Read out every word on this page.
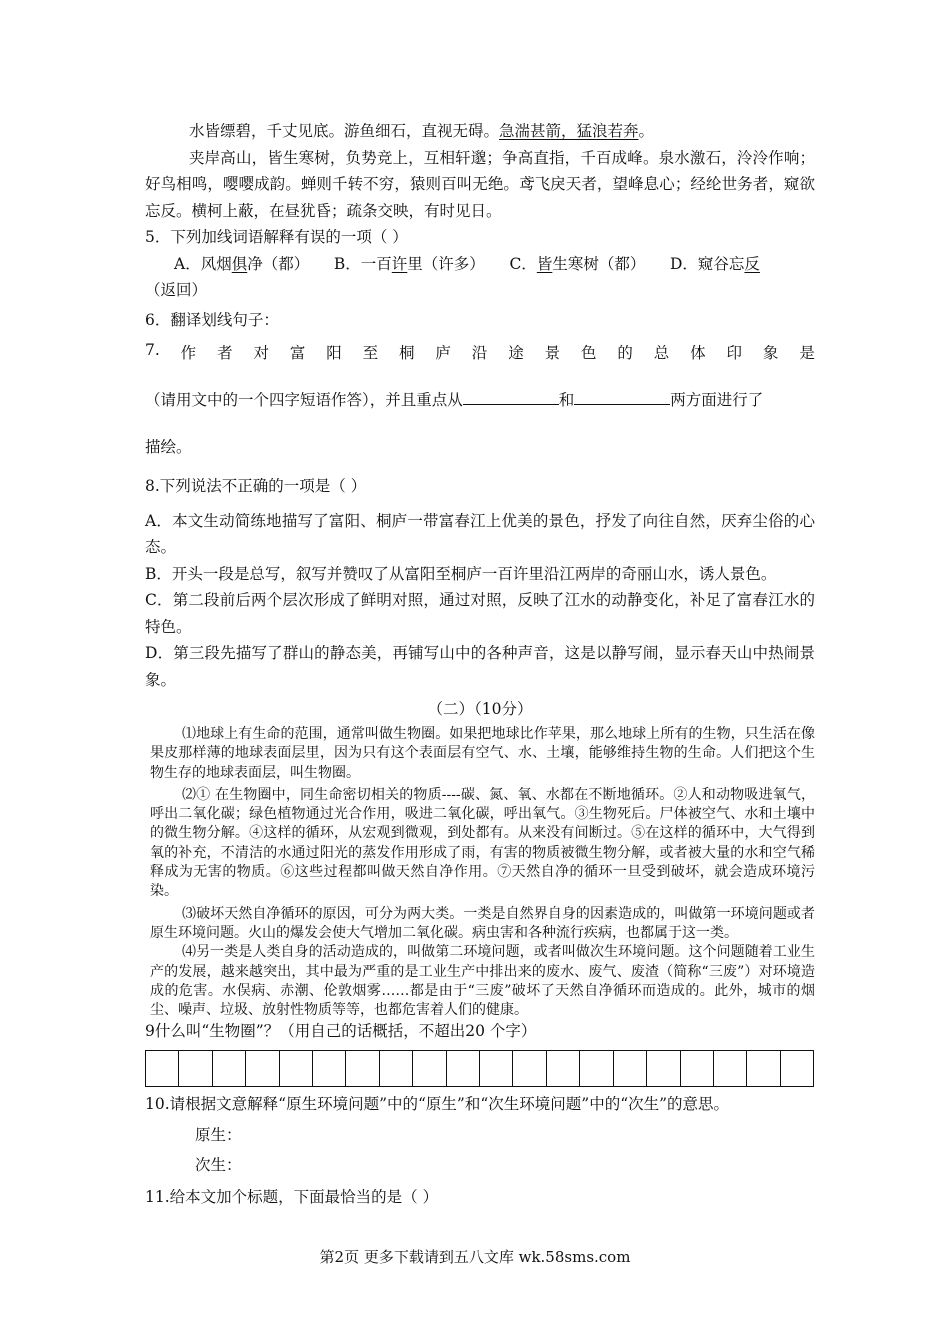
水皆缥碧，千丈见底。游鱼细石，直视无碍。急湍甚箭，猛浪若奔。

夹岸高山，皆生寒树，负势竞上，互相轩邈；争高直指，千百成峰。泉水激石，泠泠作响；好鸟相鸣，嘤嘤成韵。蝉则千转不穷，猿则百叫无绝。鸢飞戾天者，望峰息心；经纶世务者，窥欲忘反。横柯上蔽，在昼犹昏；疏条交映，有时见日。

5．下列加线词语解释有误的一项（ ）

A．风烟俱净（都） B．一百许里（许多） C．皆生寒树（都） D．窥谷忘反

（返回）

6．翻译划线句子：

7. 作 者 对 富 阳 至 桐 庐 沿 途 景 色 的 总 体 印 象 是

（请用文中的一个四字短语作答），并且重点从	和	两方面进行了

描绘。

8.下列说法不正确的一项是（ ）

A．本文生动简练地描写了富阳、桐庐一带富春江上优美的景色，抒发了向往自然，厌弃尘俗的心态。

B．开头一段是总写，叙写并赞叹了从富阳至桐庐一百许里沿江两岸的奇丽山水，诱人景色。

C．第二段前后两个层次形成了鲜明对照，通过对照，反映了江水的动静变化，补足了富春江水的特色。

D．第三段先描写了群山的静态美，再铺写山中的各种声音，这是以静写闹，显示春天山中热闹景象。

（二）（10分）

⑴地球上有生命的范围，通常叫做生物圈。如果把地球比作苹果，那么地球上所有的生物，只生活在像果皮那样薄的地球表面层里，因为只有这个表面层有空气、水、土壤，能够维持生物的生命。人们把这个生物生存的地球表面层，叫生物圈。

⑵① 在生物圈中，同生命密切相关的物质----碳、氮、氧、水都在不断地循环。②人和动物吸进氧气，呼出二氧化碳；绿色植物通过光合作用，吸进二氧化碳，呼出氧气。③生物死后。尸体被空气、水和土壤中的微生物分解。④这样的循环，从宏观到微观，到处都有。从来没有间断过。⑤在这样的循环中，大气得到氧的补充，不清洁的水通过阳光的蒸发作用形成了雨，有害的物质被微生物分解，或者被大量的水和空气稀释成为无害的物质。⑥这些过程都叫做天然自净作用。⑦天然自净的循环一旦受到破坏，就会造成环境污染。

⑶破坏天然自净循环的原因，可分为两大类。一类是自然界自身的因素造成的，叫做第一环境问题或者原生环境问题。火山的爆发会使大气增加二氧化碳。病虫害和各种流行疾病，也都属于这一类。

⑷另一类是人类自身的活动造成的，叫做第二环境问题，或者叫做次生环境问题。这个问题随着工业生产的发展，越来越突出，其中最为严重的是工业生产中排出来的废水、废气、废渣（简称“三废”）对环境造成的危害。水俣病、赤潮、伦敦烟雾……都是由于“三废”破坏了天然自净循环而造成的。此外，城市的烟尘、噪声、垃圾、放射性物质等等，也都危害着人们的健康。

9什么叫“生物圈”？（用自己的话概括，不超出20 个字）

10.请根据文意解释“原生环境问题”中的“原生”和“次生环境问题”中的“次生”的意思。

原生：

次生：

11.给本文加个标题，下面最恰当的是（ ）

第2页 更多下载请到五八文库 wk.58sms.com
